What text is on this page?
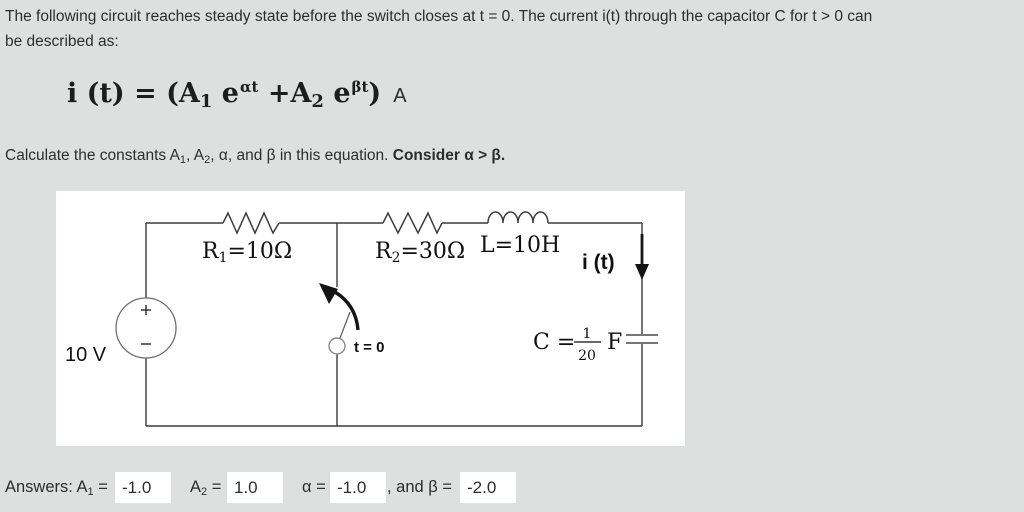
The following circuit reaches steady state before the switch closes at t = 0. The current i(t) through the capacitor C for t > 0 can
be described as:
i $(t) = (A_1$ $e^{\alpha t} +A_2$ $e^{\beta t}$) A
Calculate the constants $A_1$, $A_2$, α, and β in this equation. Consider α > β.
10 V
R1=10Ω	R2=30Ω L=10H
i (t)
t = 0	C = 1
20
F
Answers: $A_1 = -1.0$	$A_2 = 1.0$	α = -1.0	, and β = -2.0
